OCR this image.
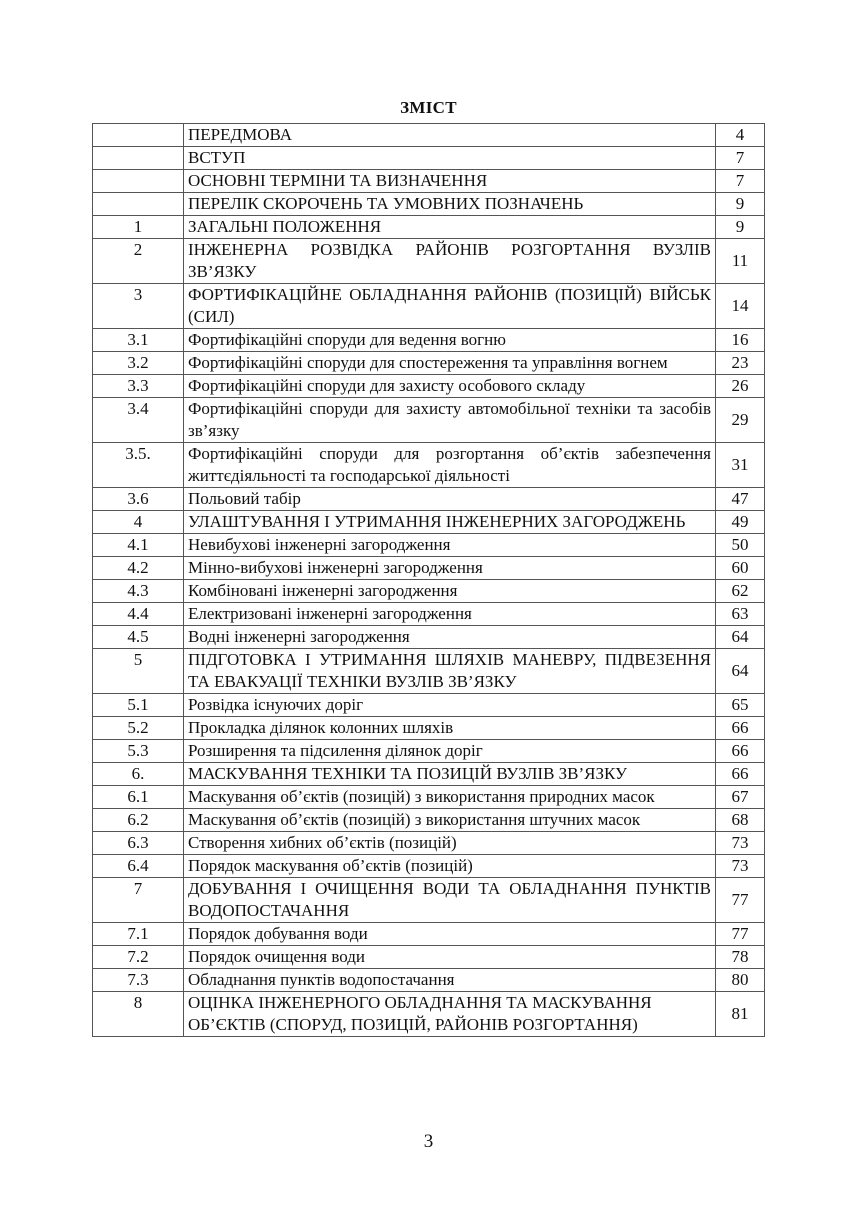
ЗМІСТ
	ПЕРЕДМОВА	4
	ВСТУП	7
	ОСНОВНІ ТЕРМІНИ ТА ВИЗНАЧЕННЯ	7
	ПЕРЕЛІК СКОРОЧЕНЬ ТА УМОВНИХ ПОЗНАЧЕНЬ	9
1	ЗАГАЛЬНІ ПОЛОЖЕННЯ	9
2	ІНЖЕНЕРНА РОЗВІДКА РАЙОНІВ РОЗГОРТАННЯ ВУЗЛІВ ЗВ’ЯЗКУ	11
3	ФОРТИФІКАЦІЙНЕ ОБЛАДНАННЯ РАЙОНІВ (ПОЗИЦІЙ) ВІЙСЬК (СИЛ)	14
3.1	Фортифікаційні споруди для ведення вогню	16
3.2	Фортифікаційні споруди для спостереження та управління вогнем	23
3.3	Фортифікаційні споруди для захисту особового складу	26
3.4	Фортифікаційні споруди для захисту автомобільної техніки та засобів зв’язку	29
3.5.	Фортифікаційні споруди для розгортання об’єктів забезпечення життєдіяльності та господарської діяльності	31
3.6	Польовий табір	47
4	УЛАШТУВАННЯ І УТРИМАННЯ ІНЖЕНЕРНИХ ЗАГОРОДЖЕНЬ	49
4.1	Невибухові інженерні загородження	50
4.2	Мінно-вибухові інженерні загородження	60
4.3	Комбіновані інженерні загородження	62
4.4	Електризовані інженерні загородження	63
4.5	Водні інженерні загородження	64
5	ПІДГОТОВКА І УТРИМАННЯ ШЛЯХІВ МАНЕВРУ, ПІДВЕЗЕННЯ ТА ЕВАКУАЦІЇ ТЕХНІКИ ВУЗЛІВ ЗВ’ЯЗКУ	64
5.1	Розвідка існуючих доріг	65
5.2	Прокладка ділянок колонних шляхів	66
5.3	Розширення та підсилення ділянок доріг	66
6.	МАСКУВАННЯ ТЕХНІКИ ТА ПОЗИЦІЙ ВУЗЛІВ ЗВ’ЯЗКУ	66
6.1	Маскування об’єктів (позицій) з використання природних масок	67
6.2	Маскування об’єктів (позицій) з використання штучних масок	68
6.3	Створення хибних об’єктів (позицій)	73
6.4	Порядок маскування об’єктів (позицій)	73
7	ДОБУВАННЯ І ОЧИЩЕННЯ ВОДИ ТА ОБЛАДНАННЯ ПУНКТІВ ВОДОПОСТАЧАННЯ	77
7.1	Порядок добування води	77
7.2	Порядок очищення води	78
7.3	Обладнання пунктів водопостачання	80
8	ОЦІНКА ІНЖЕНЕРНОГО ОБЛАДНАННЯ ТА МАСКУВАННЯ ОБ’ЄКТІВ (СПОРУД, ПОЗИЦІЙ, РАЙОНІВ РОЗГОРТАННЯ)	81
3
